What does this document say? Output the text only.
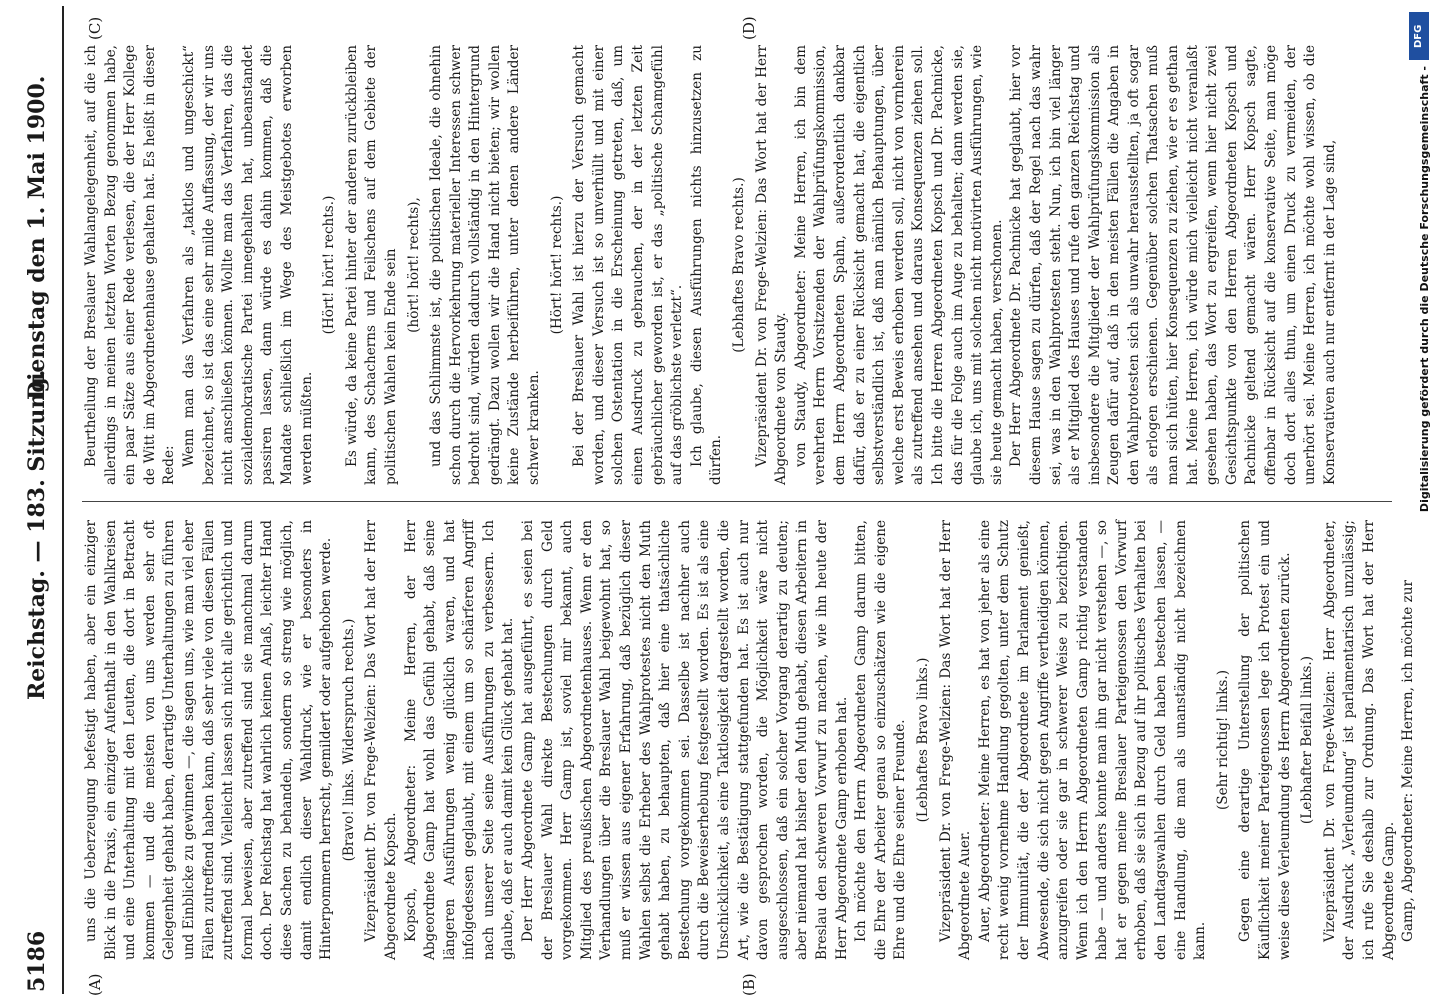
5186
Reichstag. — 183. Sitzung.
Dienstag den 1. Mai 1900.
(A)	(B)
(C)	(D)

uns die Ueberzeugung befestigt haben, aber ein einziger Blick in die Praxis, ein einziger Aufenthalt in den Wahlkreisen und eine Unterhaltung mit den Leuten, die dort in Betracht kommen — und die meisten von uns werden sehr oft Gelegenheit gehabt haben, derartige Unterhaltungen zu führen und Einblicke zu gewinnen —, die sagen uns, wie man viel eher Fällen zutreffend haben kann, daß sehr viele von diesen Fällen zutreffend sind. Vielleicht lassen sich nicht alle gerichtlich und formal beweisen, aber zutreffend sind sie manchmal darum doch. Der Reichstag hat wahrlich keinen Anlaß, leichter Hand diese Sachen zu behandeln, sondern so streng wie möglich, damit endlich dieser Wahldruck, wie er besonders in Hinterpommern herrscht, gemildert oder aufgehoben werde. (Bravo! links. Widerspruch rechts.) Vizepräsident Dr. von Frege-Welzien: Das Wort hat der Herr Abgeordnete Kopsch. Kopsch, Abgeordneter: Meine Herren, der Herr Abgeordnete Gamp hat wohl das Gefühl gehabt, daß seine längeren Ausführungen wenig glücklich waren, und hat infolgedessen geglaubt, mit einem um so schärferen Angriff nach unserer Seite seine Ausführungen zu verbessern. Ich glaube, daß er auch damit kein Glück gehabt hat. Der Herr Abgeordnete Gamp hat ausgeführt, es seien bei der Breslauer Wahl direkte Bestechungen durch Geld vorgekommen. Herr Gamp ist, soviel mir bekannt, auch Mitglied des preußischen Abgeordnetenhauses. Wenn er den Verhandlungen über die Breslauer Wahl beigewohnt hat, so muß er wissen aus eigener Erfahrung, daß bezüglich dieser Wahlen selbst die Erheber des Wahlprotestes nicht den Muth gehabt haben, zu behaupten, daß hier eine thatsächliche Bestechung vorgekommen sei. Dasselbe ist nachher auch durch die Beweiserhebung festgestellt worden. Es ist als eine Unschicklichkeit, als eine Taktlosigkeit dargestellt worden, die Art, wie die Bestätigung stattgefunden hat. Es ist auch nur davon gesprochen worden, die Möglichkeit wäre nicht ausgeschlossen, daß ein solcher Vorgang derartig zu deuten; aber niemand hat bisher den Muth gehabt, diesen Arbeitern in Breslau den schweren Vorwurf zu machen, wie ihn heute der Herr Abgeordnete Gamp erhoben hat. Ich möchte den Herrn Abgeordneten Gamp darum bitten, die Ehre der Arbeiter genau so einzuschätzen wie die eigene Ehre und die Ehre seiner Freunde. (Lebhaftes Bravo links.) Vizepräsident Dr. von Frege-Welzien: Das Wort hat der Herr Abgeordnete Auer. Auer, Abgeordneter: Meine Herren, es hat von jeher als eine recht wenig vornehme Handlung gegolten, unter dem Schutz der Immunität, die der Abgeordnete im Parlament genießt, Abwesende, die sich nicht gegen Angriffe vertheidigen können, anzugreifen oder sie gar in schwerer Weise zu bezichtigen. Wenn ich den Herrn Abgeordneten Gamp richtig verstanden habe — und anders konnte man ihn gar nicht verstehen —, so hat er gegen meine Breslauer Parteigenossen den Vorwurf erhoben, daß sie sich in Bezug auf ihr politisches Verhalten bei den Landtagswahlen durch Geld haben bestechen lassen, — eine Handlung, die man als unanständig nicht bezeichnen kann.

(Sehr richtig! links.) Gegen eine derartige Unterstellung der politischen Käuflichkeit meiner Parteigenossen lege ich Protest ein und weise diese Verleumdung des Herrn Abgeordneten zurück. (Lebhafter Beifall links.) Vizepräsident Dr. von Frege-Welzien: Herr Abgeordneter, der Ausdruck „Verleumdung“ ist parlamentarisch unzulässig; ich rufe Sie deshalb zur Ordnung. Das Wort hat der Herr Abgeordnete Gamp. Gamp, Abgeordneter: Meine Herren, ich möchte zur

Beurtheilung der Breslauer Wahlangelegenheit, auf die ich allerdings in meinen letzten Worten Bezug genommen habe, ein paar Sätze aus einer Rede verlesen, die der Herr Kollege de Witt im Abgeordnetenhause gehalten hat. Es heißt in dieser Rede: Wenn man das Verfahren als „taktlos und ungeschickt“ bezeichnet, so ist das eine sehr milde Auffassung, der wir uns nicht anschließen können. Wollte man das Verfahren, das die sozialdemokratische Partei innegehalten hat, unbeanstandet passiren lassen, dann würde es dahin kommen, daß die Mandate schließlich im Wege des Meistgebotes erworben werden müßten.

(Hört! hört! rechts.) Es würde, da keine Partei hinter der anderen zurückbleiben kann, des Schacherns und Feilschens auf dem Gebiete der politischen Wahlen kein Ende sein (hört! hört! rechts), und das Schlimmste ist, die politischen Ideale, die ohnehin schon durch die Hervorkehrung materieller Interessen schwer bedroht sind, würden dadurch vollständig in den Hintergrund gedrängt. Dazu wollen wir die Hand nicht bieten; wir wollen keine Zustände herbeiführen, unter denen andere Länder schwer kranken.

(Hört! hört! rechts.) Bei der Breslauer Wahl ist hierzu der Versuch gemacht worden, und dieser Versuch ist so unverhüllt und mit einer solchen Ostentation in die Erscheinung getreten, daß, um einen Ausdruck zu gebrauchen, der in der letzten Zeit gebräuchlicher geworden ist, er das „politische Schamgefühl auf das gröblichste verletzt“. Ich glaube, diesen Ausführungen nichts hinzusetzen zu dürfen.

(Lebhaftes Bravo rechts.) Vizepräsident Dr. von Frege-Welzien: Das Wort hat der Herr Abgeordnete von Staudy. von Staudy, Abgeordneter: Meine Herren, ich bin dem verehrten Herrn Vorsitzenden der Wahlprüfungskommission, dem Herrn Abgeordneten Spahn, außerordentlich dankbar dafür, daß er zu einer Rücksicht gemacht hat, die eigentlich selbstverständlich ist, daß man nämlich Behauptungen, über welche erst Beweis erhoben werden soll, nicht von vornherein als zutreffend ansehen und daraus Konsequenzen ziehen soll. Ich bitte die Herren Abgeordneten Kopsch und Dr. Pachnicke, das für die Folge auch im Auge zu behalten; dann werden sie, glaube ich, uns mit solchen nicht motivirten Ausführungen, wie sie heute gemacht haben, verschonen. Der Herr Abgeordnete Dr. Pachnicke hat geglaubt, hier vor diesem Hause sagen zu dürfen, daß der Regel nach das wahr sei, was in den Wahlprotesten steht. Nun, ich bin viel länger als er Mitglied des Hauses und rufe den ganzen Reichstag und insbesondere die Mitglieder der Wahlprüfungskommission als Zeugen dafür auf, daß in den meisten Fällen die Angaben in den Wahlprotesten sich als unwahr herausstellten, ja oft sogar als erlogen erschienen. Gegenüber solchen Thatsachen muß man sich hüten, hier Konsequenzen zu ziehen, wie er es gethan hat. Meine Herren, ich würde mich vielleicht nicht veranlaßt gesehen haben, das Wort zu ergreifen, wenn hier nicht zwei Gesichtspunkte von den Herren Abgeordneten Kopsch und Pachnicke geltend gemacht wären. Herr Kopsch sagte, offenbar in Rücksicht auf die konservative Seite, man möge doch dort alles thun, um einen Druck zu vermeiden, der unerhört sei. Meine Herren, ich möchte wohl wissen, ob die Konservativen auch nur entfernt in der Lage sind,

DFG
Digitalisierung gefördert durch die Deutsche Forschungsgemeinschaft -
